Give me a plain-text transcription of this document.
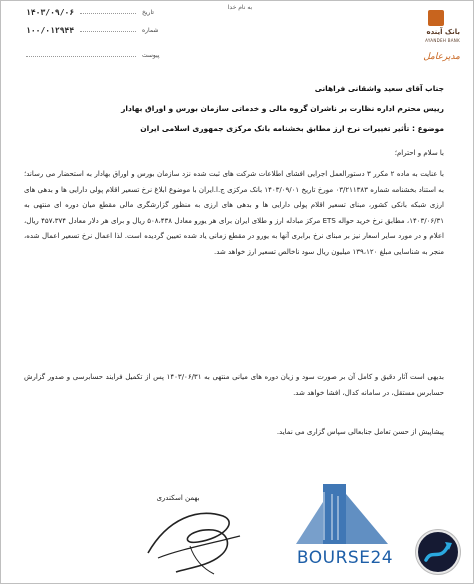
به نام خدا
۱۴۰۳/۰۹/۰۶	تاریخ
۱۰۰/۰۱۲۹۴۴	شماره
پیوست
بانک آینده
AYANDEH BANK
مدیرعامل
جناب آقای سعید واشقانی فراهانی
رییس محترم اداره نظارت بر ناشران گروه مالی و خدماتی سازمان بورس و اوراق بهادار
موضوع : تأثیر تغییرات نرخ ارز مطابق بخشنامه بانک مرکزی جمهوری اسلامی ایران
با سلام و احترام؛
با عنایت به ماده ۲ مکرر ۳ دستورالعمل اجرایی افشای اطلاعات شرکت های ثبت شده نزد سازمان بورس و اوراق بهادار به استحضار می رساند؛ به استناد بخشنامه شماره ۰۳/۲۱۱۳۸۳ مورخ تاریخ ۱۴۰۳/۰۹/۰۱ بانک مرکزی ج.ا.ایران با موضوع ابلاغ نرخ تسعیر اقلام پولی دارایی ها و بدهی های ارزی شبکه بانکی کشور، مبنای تسعیر اقلام پولی دارایی ها و بدهی های ارزی به منظور گزارشگری مالی مقطع میان دوره ای منتهی به ۱۴۰۳/۰۶/۳۱، مطابق نرخ خرید حواله ETS مرکز مبادله ارز و طلای ایران برای هر یورو معادل ۵۰۸،۴۳۸ ریال و برای هر دلار معادل ۴۵۷،۳۷۴ ریال، اعلام و در مورد سایر اسعار نیز بر مبنای نرخ برابری آنها به یورو در مقطع زمانی یاد شده تعیین گردیده است. لذا اعمال نرخ تسعیر اعمال شده، منجر به شناسایی مبلغ ۱۳۹،۱۲۰ میلیون ریال سود ناخالص تسعیر ارز خواهد شد.
بدیهی است آثار دقیق و کامل آن بر صورت سود و زیان دوره های میانی منتهی به ۱۴۰۳/۰۶/۳۱ پس از تکمیل فرایند حسابرسی و صدور گزارش حسابرس مستقل، در سامانه کدال، افشا خواهد شد.
پیشاپیش از حسن تعامل جنابعالی سپاس گزاری می نماید.
بهمن اسکندری
BOURSE24
